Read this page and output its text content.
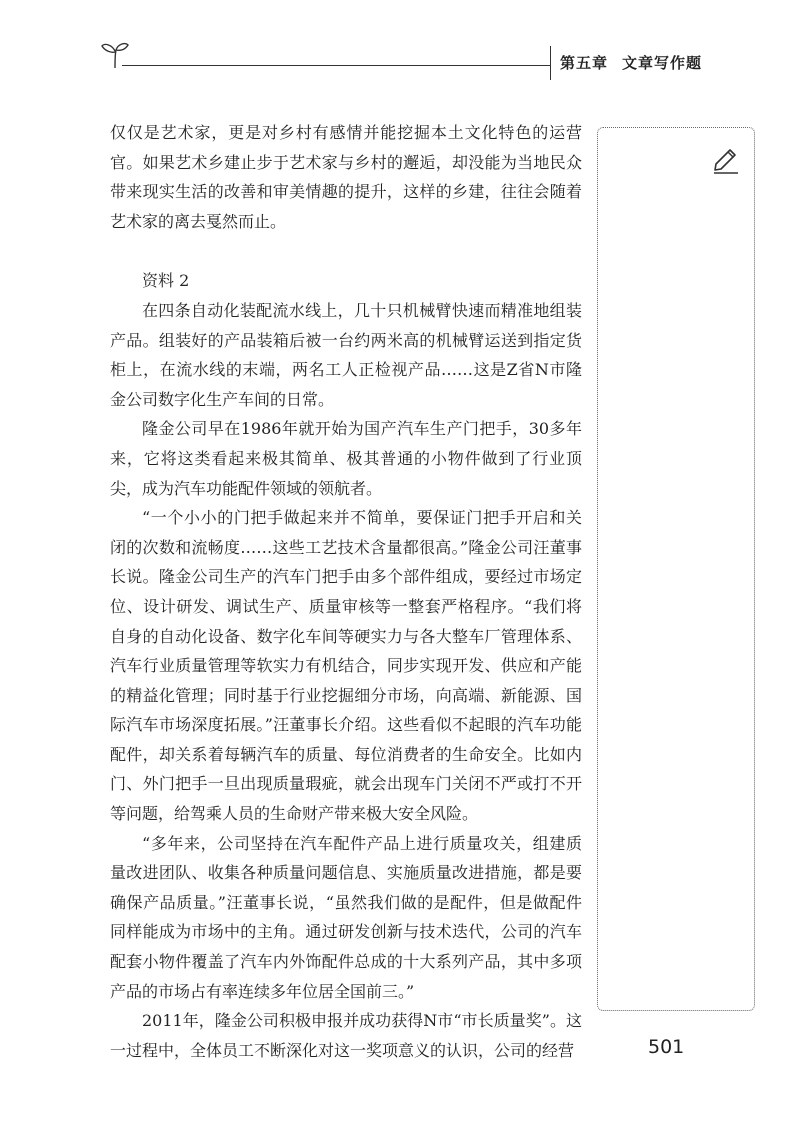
第五章 文章写作题

仅仅是艺术家，更是对乡村有感情并能挖掘本土文化特色的运营官。如果艺术乡建止步于艺术家与乡村的邂逅，却没能为当地民众带来现实生活的改善和审美情趣的提升，这样的乡建，往往会随着艺术家的离去戛然而止。

资料 2

在四条自动化装配流水线上，几十只机械臂快速而精准地组装产品。组装好的产品装箱后被一台约两米高的机械臂运送到指定货柜上，在流水线的末端，两名工人正检视产品……这是Z省N市隆金公司数字化生产车间的日常。

隆金公司早在1986年就开始为国产汽车生产门把手，30多年来，它将这类看起来极其简单、极其普通的小物件做到了行业顶尖，成为汽车功能配件领域的领航者。

“一个小小的门把手做起来并不简单，要保证门把手开启和关闭的次数和流畅度……这些工艺技术含量都很高。”隆金公司汪董事长说。隆金公司生产的汽车门把手由多个部件组成，要经过市场定位、设计研发、调试生产、质量审核等一整套严格程序。“我们将自身的自动化设备、数字化车间等硬实力与各大整车厂管理体系、汽车行业质量管理等软实力有机结合，同步实现开发、供应和产能的精益化管理；同时基于行业挖掘细分市场，向高端、新能源、国际汽车市场深度拓展。”汪董事长介绍。这些看似不起眼的汽车功能配件，却关系着每辆汽车的质量、每位消费者的生命安全。比如内门、外门把手一旦出现质量瑕疵，就会出现车门关闭不严或打不开等问题，给驾乘人员的生命财产带来极大安全风险。

“多年来，公司坚持在汽车配件产品上进行质量攻关，组建质量改进团队、收集各种质量问题信息、实施质量改进措施，都是要确保产品质量。”汪董事长说，“虽然我们做的是配件，但是做配件同样能成为市场中的主角。通过研发创新与技术迭代，公司的汽车配套小物件覆盖了汽车内外饰配件总成的十大系列产品，其中多项产品的市场占有率连续多年位居全国前三。”

2011年，隆金公司积极申报并成功获得N市“市长质量奖”。这一过程中，全体员工不断深化对这一奖项意义的认识，公司的经营	501
